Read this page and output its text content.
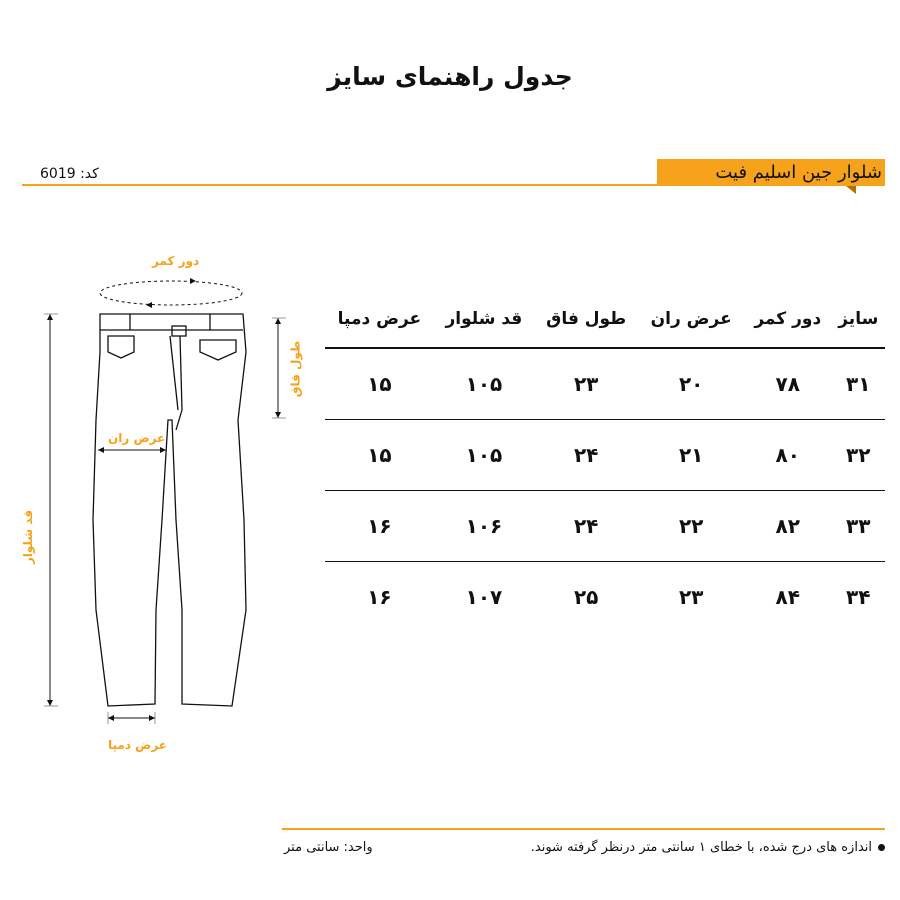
جدول راهنمای سایز
کد: 6019	شلوار جین اسلیم فیت
دور کمر
عرض ران
عرض دمپا
طول فاق
قد شلوار
سایز	دور کمر	عرض ران	طول فاق	قد شلوار	عرض دمپا
۳۱	۷۸	۲۰	۲۳	۱۰۵	۱۵
۳۲	۸۰	۲۱	۲۴	۱۰۵	۱۵
۳۳	۸۲	۲۲	۲۴	۱۰۶	۱۶
۳۴	۸۴	۲۳	۲۵	۱۰۷	۱۶
اندازه های درج شده، با خطای ۱ سانتی متر درنظر گرفته شوند.
واحد: سانتی متر
